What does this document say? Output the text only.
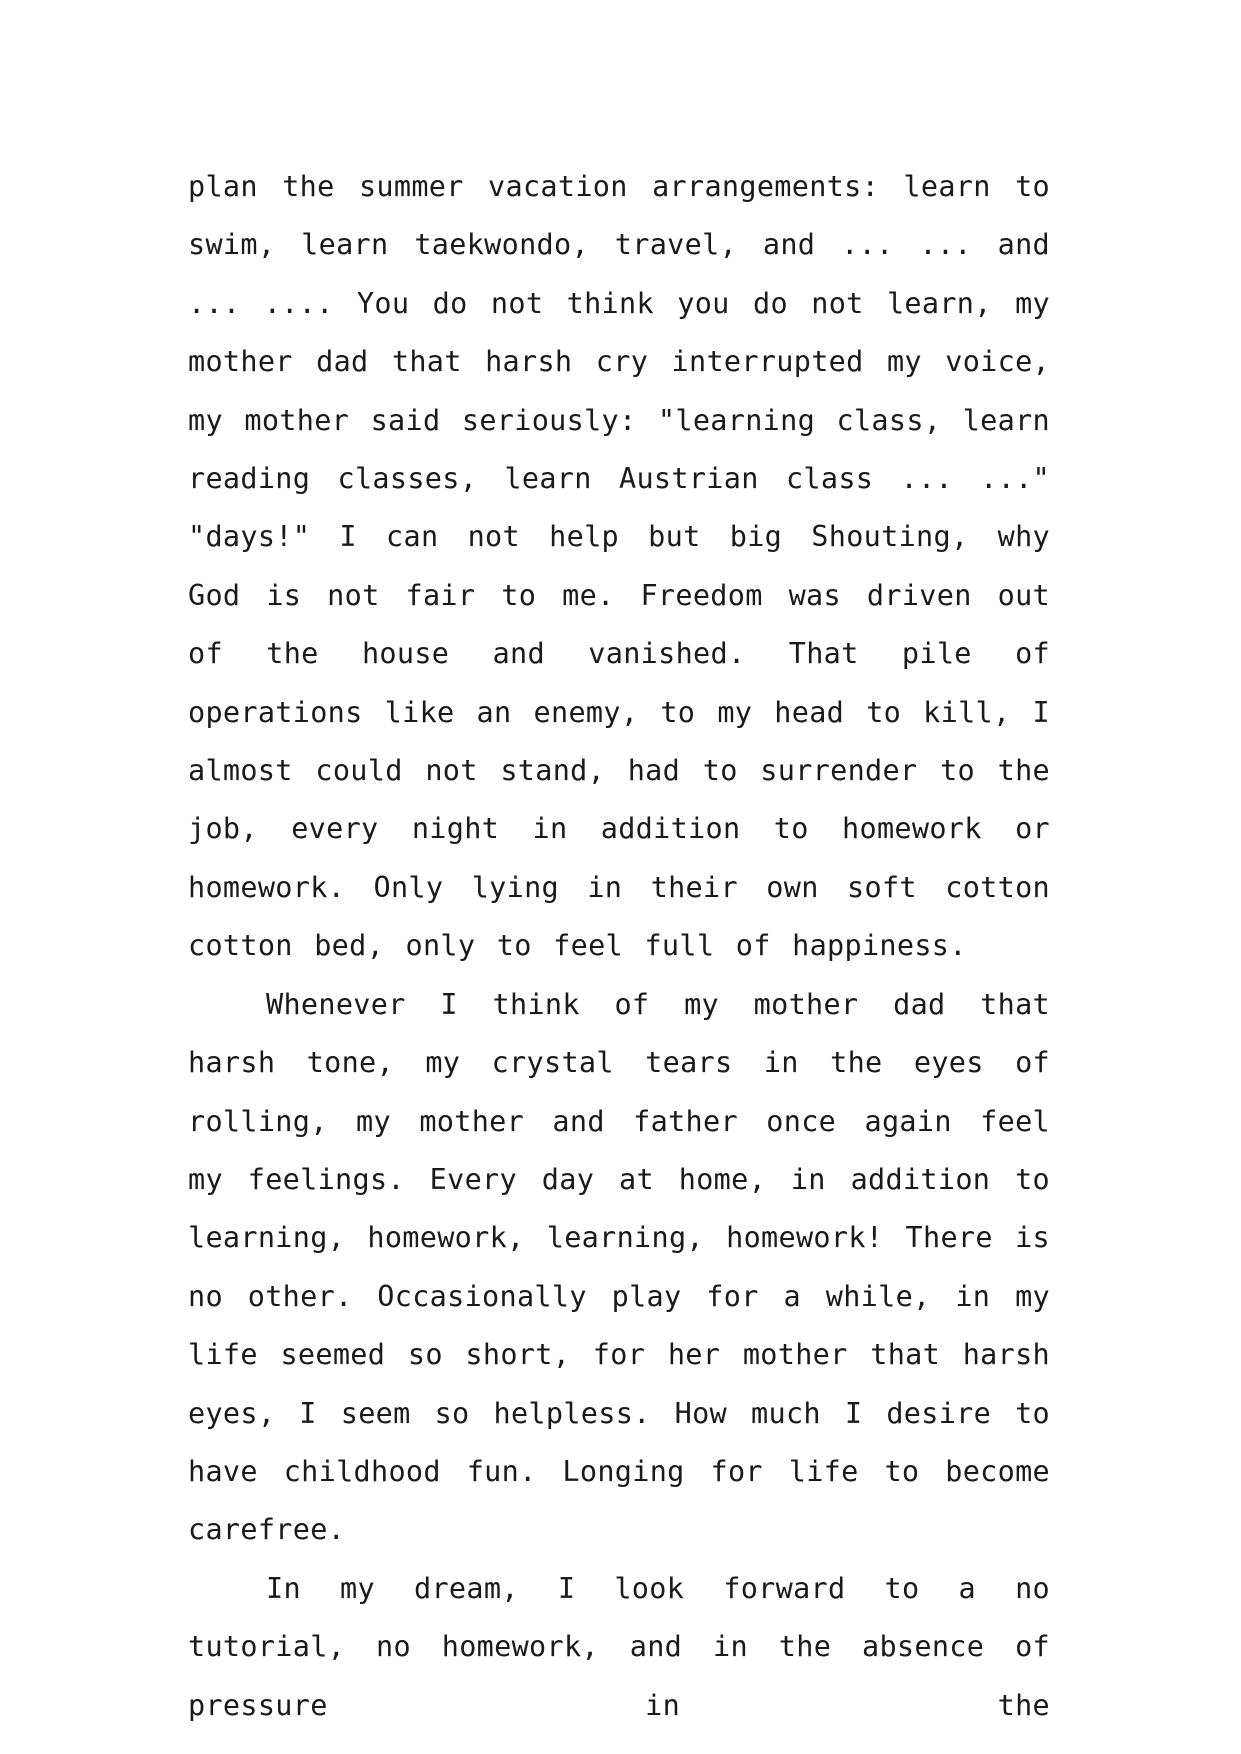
plan the summer vacation arrangements: learn to swim, learn taekwondo, travel, and ... ... and ... .... You do not think you do not learn, my mother dad that harsh cry interrupted my voice, my mother said seriously: "learning class, learn reading classes, learn Austrian class ... ..." "days!" I can not help but big Shouting, why God is not fair to me. Freedom was driven out of the house and vanished. That pile of operations like an enemy, to my head to kill, I almost could not stand, had to surrender to the job, every night in addition to homework or homework. Only lying in their own soft cotton cotton bed, only to feel full of happiness.

Whenever I think of my mother dad that harsh tone, my crystal tears in the eyes of rolling, my mother and father once again feel my feelings. Every day at home, in addition to learning, homework, learning, homework! There is no other. Occasionally play for a while, in my life seemed so short, for her mother that harsh eyes, I seem so helpless. How much I desire to have childhood fun. Longing for life to become carefree.

In my dream, I look forward to a no tutorial, no homework, and in the absence of pressure in the
